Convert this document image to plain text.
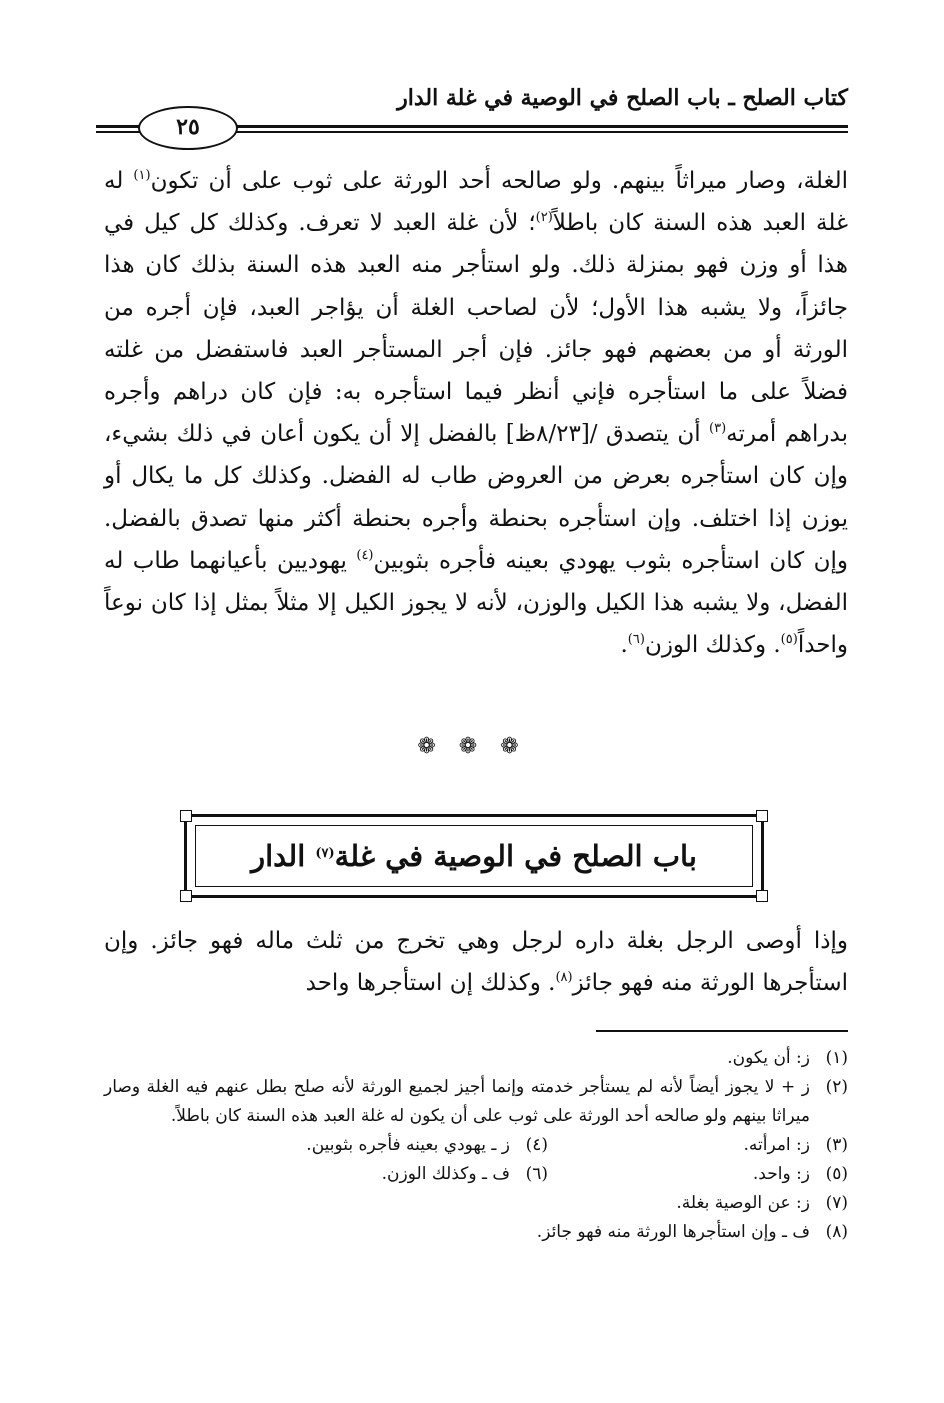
كتاب الصلح ـ باب الصلح في الوصية في غلة الدار
٢٥

الغلة، وصار ميراثاً بينهم. ولو صالحه أحد الورثة على ثوب على أن تكون$^{(١)}$ له غلة العبد هذه السنة كان باطلاً$^{(٢)}$؛ لأن غلة العبد لا تعرف. وكذلك كل كيل في هذا أو وزن فهو بمنزلة ذلك. ولو استأجر منه العبد هذه السنة بذلك كان هذا جائزاً، ولا يشبه هذا الأول؛ لأن لصاحب الغلة أن يؤاجر العبد، فإن أجره من الورثة أو من بعضهم فهو جائز. فإن أجر المستأجر العبد فاستفضل من غلته فضلاً على ما استأجره فإني أنظر فيما استأجره به: فإن كان دراهم وأجره بدراهم أمرته$^{(٣)}$ أن يتصدق /[٨/٢٣ظ] بالفضل إلا أن يكون أعان في ذلك بشيء، وإن كان استأجره بعرض من العروض طاب له الفضل. وكذلك كل ما يكال أو يوزن إذا اختلف. وإن استأجره بحنطة وأجره بحنطة أكثر منها تصدق بالفضل. وإن كان استأجره بثوب يهودي بعينه فأجره بثوبين$^{(٤)}$ يهوديين بأعيانهما طاب له الفضل، ولا يشبه هذا الكيل والوزن، لأنه لا يجوز الكيل إلا مثلاً بمثل إذا كان نوعاً واحداً$^{(٥)}$. وكذلك الوزن$^{(٦)}$.

❁ ❁ ❁
باب الصلح في الوصية في غلة$^{(٧)}$ الدار

وإذا أوصى الرجل بغلة داره لرجل وهي تخرج من ثلث ماله فهو جائز. وإن استأجرها الورثة منه فهو جائز$^{(٨)}$. وكذلك إن استأجرها واحد

(١)
ز: أن يكون.
(٢)
ز + لا يجوز أيضاً لأنه لم يستأجر خدمته وإنما أجيز لجميع الورثة لأنه صلح بطل عنهم فيه الغلة وصار ميراثا بينهم ولو صالحه أحد الورثة على ثوب على أن يكون له غلة العبد هذه السنة كان باطلاً.
(٣)
ز: امرأته.
(٤)
ز ـ يهودي بعينه فأجره بثوبين.
(٥)
ز: واحد.
(٦)
ف ـ وكذلك الوزن.
(٧)
ز: عن الوصية بغلة.
(٨)
ف ـ وإن استأجرها الورثة منه فهو جائز.
